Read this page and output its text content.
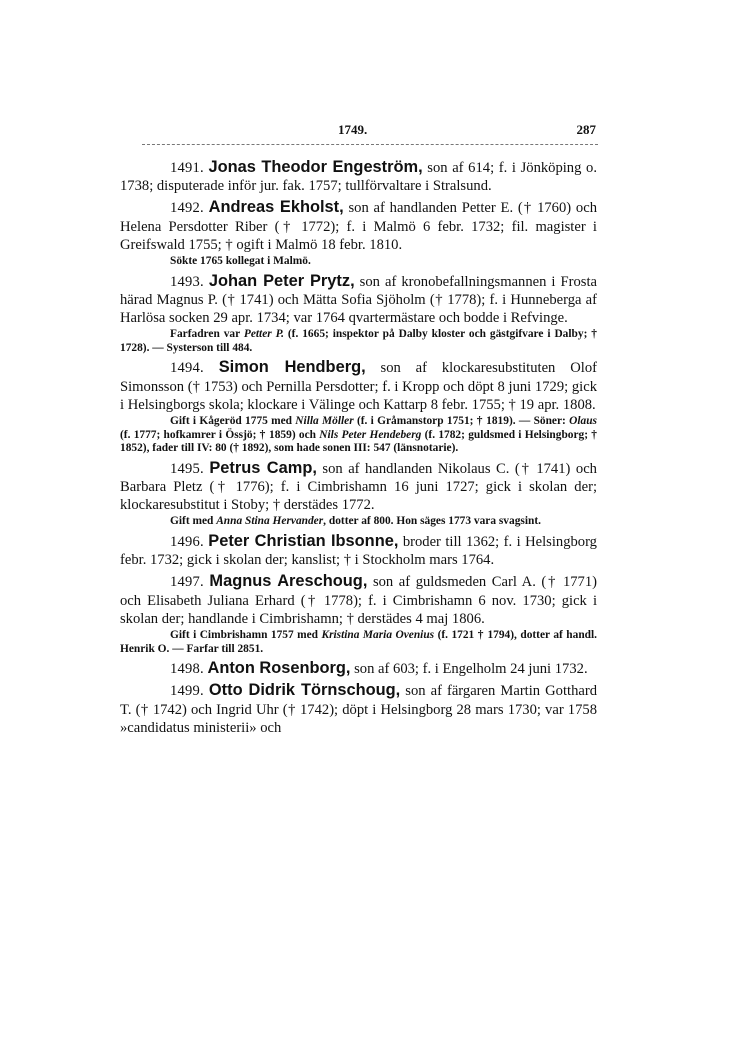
1749.	287

1491. Jonas Theodor Engeström, son af 614; f. i Jönköping o. 1738; disputerade inför jur. fak. 1757; tullförvaltare i Stralsund.

1492. Andreas Ekholst, son af handlanden Petter E. († 1760) och Helena Persdotter Riber († 1772); f. i Malmö 6 febr. 1732; fil. magister i Greifswald 1755; † ogift i Malmö 18 febr. 1810.

Sökte 1765 kollegat i Malmö.

1493. Johan Peter Prytz, son af kronobefallningsmannen i Frosta härad Magnus P. († 1741) och Mätta Sofia Sjöholm († 1778); f. i Hunneberga af Harlösa socken 29 apr. 1734; var 1764 qvartermästare och bodde i Refvinge.

Farfadren var Petter P. (f. 1665; inspektor på Dalby kloster och gästgifvare i Dalby; † 1728). — Systerson till 484.

1494. Simon Hendberg, son af klockaresubstituten Olof Simonsson († 1753) och Pernilla Persdotter; f. i Kropp och döpt 8 juni 1729; gick i Helsingborgs skola; klockare i Välinge och Kattarp 8 febr. 1755; † 19 apr. 1808.

Gift i Kågeröd 1775 med Nilla Möller (f. i Gråmanstorp 1751; † 1819). — Söner: Olaus (f. 1777; hofkamrer i Össjö; † 1859) och Nils Peter Hendeberg (f. 1782; guldsmed i Helsingborg; † 1852), fader till IV: 80 († 1892), som hade sonen III: 547 (länsnotarie).

1495. Petrus Camp, son af handlanden Nikolaus C. († 1741) och Barbara Pletz († 1776); f. i Cimbrishamn 16 juni 1727; gick i skolan der; klockaresubstitut i Stoby; † derstädes 1772.

Gift med Anna Stina Hervander, dotter af 800. Hon säges 1773 vara svagsint.

1496. Peter Christian Ibsonne, broder till 1362; f. i Helsingborg febr. 1732; gick i skolan der; kanslist; † i Stockholm mars 1764.

1497. Magnus Areschoug, son af guldsmeden Carl A. († 1771) och Elisabeth Juliana Erhard († 1778); f. i Cimbrishamn 6 nov. 1730; gick i skolan der; handlande i Cimbrishamn; † derstädes 4 maj 1806.

Gift i Cimbrishamn 1757 med Kristina Maria Ovenius (f. 1721 † 1794), dotter af handl. Henrik O. — Farfar till 2851.

1498. Anton Rosenborg, son af 603; f. i Engelholm 24 juni 1732.

1499. Otto Didrik Törnschoug, son af färgaren Martin Gotthard T. († 1742) och Ingrid Uhr († 1742); döpt i Helsingborg 28 mars 1730; var 1758 »candidatus ministerii» och
